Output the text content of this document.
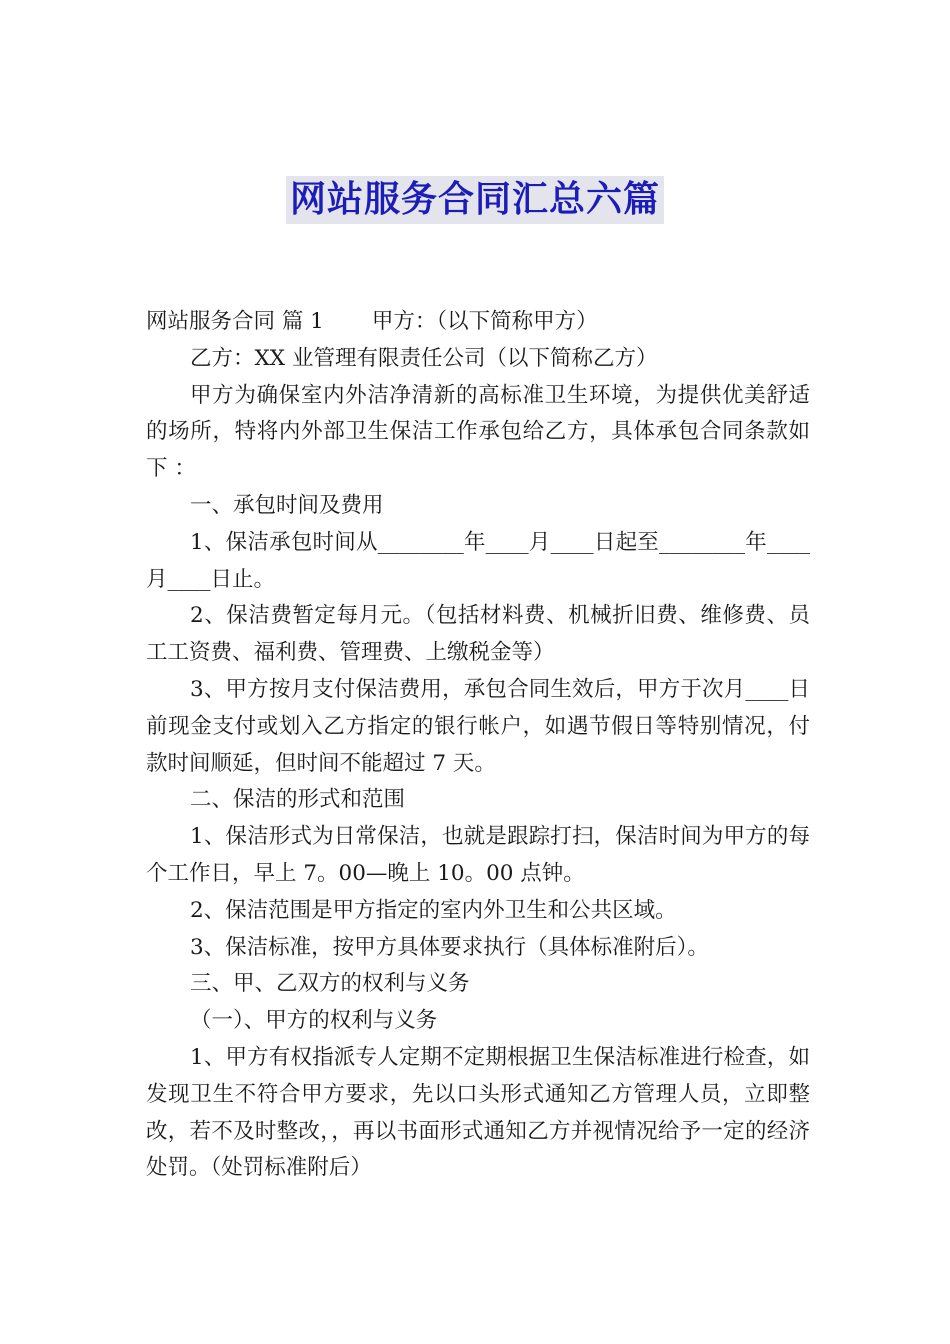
网站服务合同汇总六篇

网站服务合同 篇 1 甲方：（以下简称甲方）

乙方：XX 业管理有限责任公司（以下简称乙方）

甲方为确保室内外洁净清新的高标准卫生环境，为提供优美舒适的场所，特将内外部卫生保洁工作承包给乙方，具体承包合同条款如下 ：

一、承包时间及费用

1、保洁承包时间从________年____月____日起至________年____月____日止。

2、保洁费暂定每月元。（包括材料费、机械折旧费、维修费、员工工资费、福利费、管理费、上缴税金等）

3、甲方按月支付保洁费用，承包合同生效后，甲方于次月____日前现金支付或划入乙方指定的银行帐户，如遇节假日等特别情况，付款时间顺延，但时间不能超过 7 天。

二、保洁的形式和范围

1、保洁形式为日常保洁，也就是跟踪打扫，保洁时间为甲方的每个工作日，早上 7。00—晚上 10。00 点钟。

2、保洁范围是甲方指定的室内外卫生和公共区域。

3、保洁标准，按甲方具体要求执行（具体标准附后）。

三、甲、乙双方的权利与义务

（一）、甲方的权利与义务

1、甲方有权指派专人定期不定期根据卫生保洁标准进行检查，如发现卫生不符合甲方要求，先以口头形式通知乙方管理人员，立即整改，若不及时整改，，再以书面形式通知乙方并视情况给予一定的经济处罚。（处罚标准附后）
